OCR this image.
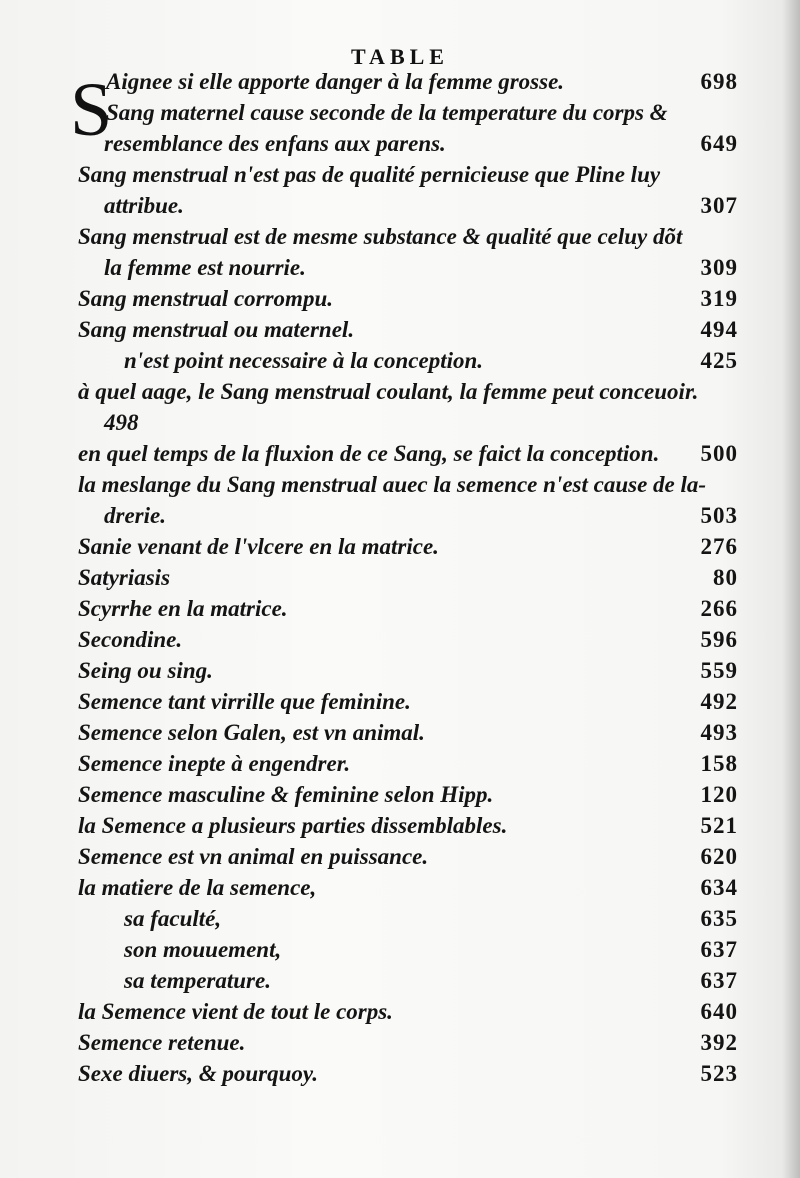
TABLE
S
Aignee si elle apporte danger à la femme grosse.	698
Sang maternel cause seconde de la temperature du corps &
resemblance des enfans aux parens.	649
Sang menstrual n'est pas de qualité pernicieuse que Pline luy
attribue.	307
Sang menstrual est de mesme substance & qualité que celuy dõt
la femme est nourrie.	309
Sang menstrual corrompu.	319
Sang menstrual ou maternel.	494
n'est point necessaire à la conception.	425
à quel aage, le Sang menstrual coulant, la femme peut conceuoir.
498
en quel temps de la fluxion de ce Sang, se faict la conception. 500
la meslange du Sang menstrual auec la semence n'est cause de la-
drerie.	503
Sanie venant de l'vlcere en la matrice.	276
Satyriasis	80
Scyrrhe en la matrice.	266
Secondine.	596
Seing ou sing.	559
Semence tant virrille que feminine.	492
Semence selon Galen, est vn animal.	493
Semence inepte à engendrer.	158
Semence masculine & feminine selon Hipp.	120
la Semence a plusieurs parties dissemblables.	521
Semence est vn animal en puissance.	620
la matiere de la semence,	634
sa faculté,	635
son mouuement,	637
sa temperature.	637
la Semence vient de tout le corps.	640
Semence retenue.	392
Sexe diuers, & pourquoy.	523
